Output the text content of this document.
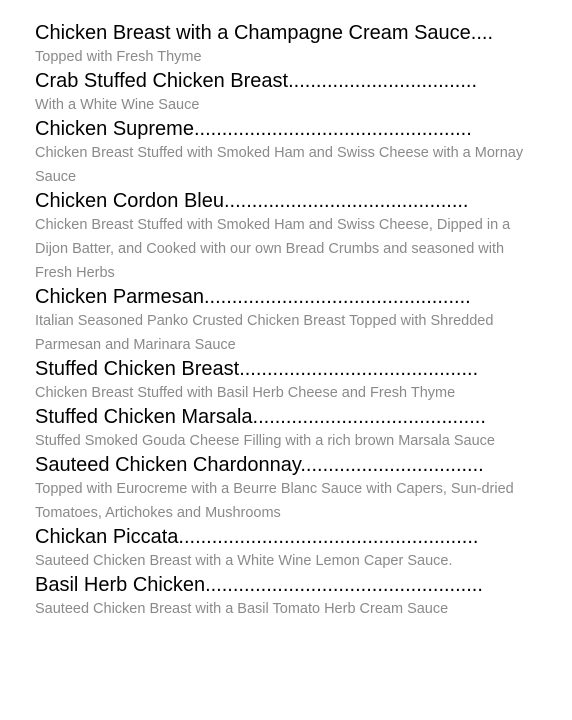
Chicken Breast with a Champagne Cream Sauce....
Topped with Fresh Thyme
Crab Stuffed Chicken Breast..................................
With a White Wine Sauce
Chicken Supreme..................................................
Chicken Breast Stuffed with Smoked Ham and Swiss Cheese with a Mornay Sauce
Chicken Cordon Bleu............................................
Chicken Breast Stuffed with Smoked Ham and Swiss Cheese, Dipped in a Dijon Batter, and Cooked with our own Bread Crumbs and seasoned with Fresh Herbs
Chicken Parmesan................................................
Italian Seasoned Panko Crusted Chicken Breast Topped with Shredded Parmesan and Marinara Sauce
Stuffed Chicken Breast...........................................
Chicken Breast Stuffed with Basil Herb Cheese and Fresh Thyme
Stuffed Chicken Marsala..........................................
Stuffed Smoked Gouda Cheese Filling with a rich brown Marsala Sauce
Sauteed Chicken Chardonnay.................................
Topped with Eurocreme with a Beurre Blanc Sauce with Capers, Sun-dried Tomatoes, Artichokes and Mushrooms
Chickan Piccata......................................................
Sauteed Chicken Breast with a White Wine Lemon Caper Sauce.
Basil Herb Chicken..................................................
Sauteed Chicken Breast with a Basil Tomato Herb Cream Sauce
